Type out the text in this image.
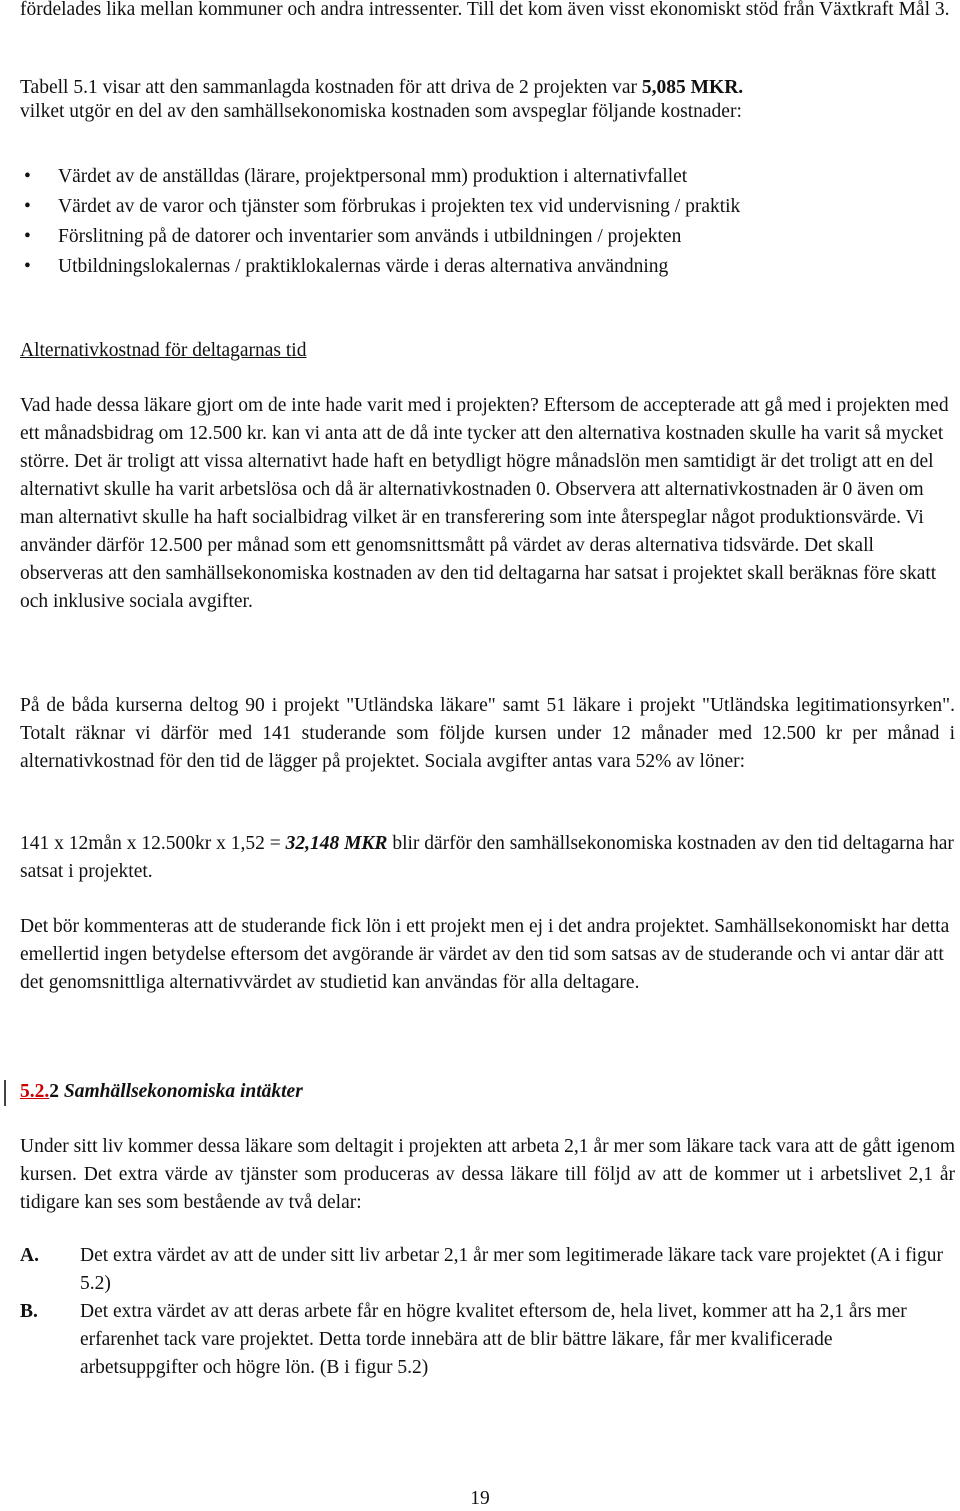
fördelades lika mellan kommuner och andra intressenter. Till det kom även visst ekonomiskt stöd från Växtkraft Mål 3.

Tabell 5.1 visar att den sammanlagda kostnaden för att driva de 2 projekten var 5,085 MKR.

vilket utgör en del av den samhällsekonomiska kostnaden som avspeglar följande kostnader:

• Värdet av de anställdas (lärare, projektpersonal mm) produktion i alternativfallet
• Värdet av de varor och tjänster som förbrukas i projekten tex vid undervisning / praktik
• Förslitning på de datorer och inventarier som används i utbildningen / projekten
• Utbildningslokalernas / praktiklokalernas värde i deras alternativa användning
Alternativkostnad för deltagarnas tid

Vad hade dessa läkare gjort om de inte hade varit med i projekten? Eftersom de accepterade att gå med i projekten med ett månadsbidrag om 12.500 kr. kan vi anta att de då inte tycker att den alternativa kostnaden skulle ha varit så mycket större. Det är troligt att vissa alternativt hade haft en betydligt högre månadslön men samtidigt är det troligt att en del alternativt skulle ha varit arbetslösa och då är alternativkostnaden 0. Observera att alternativkostnaden är 0 även om man alternativt skulle ha haft socialbidrag vilket är en transferering som inte återspeglar något produktionsvärde. Vi använder därför 12.500 per månad som ett genomsnittsmått på värdet av deras alternativa tidsvärde. Det skall observeras att den samhällsekonomiska kostnaden av den tid deltagarna har satsat i projektet skall beräknas före skatt och inklusive sociala avgifter.

På de båda kurserna deltog 90 i projekt "Utländska läkare" samt 51 läkare i projekt "Utländska legitimationsyrken". Totalt räknar vi därför med 141 studerande som följde kursen under 12 månader med 12.500 kr per månad i alternativkostnad för den tid de lägger på projektet. Sociala avgifter antas vara 52% av löner:

141 x 12mån x 12.500kr x 1,52 = 32,148 MKR blir därför den samhällsekonomiska kostnaden av den tid deltagarna har satsat i projektet.

Det bör kommenteras att de studerande fick lön i ett projekt men ej i det andra projektet. Samhällsekonomiskt har detta emellertid ingen betydelse eftersom det avgörande är värdet av den tid som satsas av de studerande och vi antar där att det genomsnittliga alternativvärdet av studietid kan användas för alla deltagare.

5.2.2 Samhällsekonomiska intäkter

Under sitt liv kommer dessa läkare som deltagit i projekten att arbeta 2,1 år mer som läkare tack vara att de gått igenom kursen. Det extra värde av tjänster som produceras av dessa läkare till följd av att de kommer ut i arbetslivet 2,1 år tidigare kan ses som bestående av två delar:

A. Det extra värdet av att de under sitt liv arbetar 2,1 år mer som legitimerade läkare tack vare projektet (A i figur 5.2)
B. Det extra värdet av att deras arbete får en högre kvalitet eftersom de, hela livet, kommer att ha 2,1 års mer erfarenhet tack vare projektet. Detta torde innebära att de blir bättre läkare, får mer kvalificerade arbetsuppgifter och högre lön. (B i figur 5.2)
19
